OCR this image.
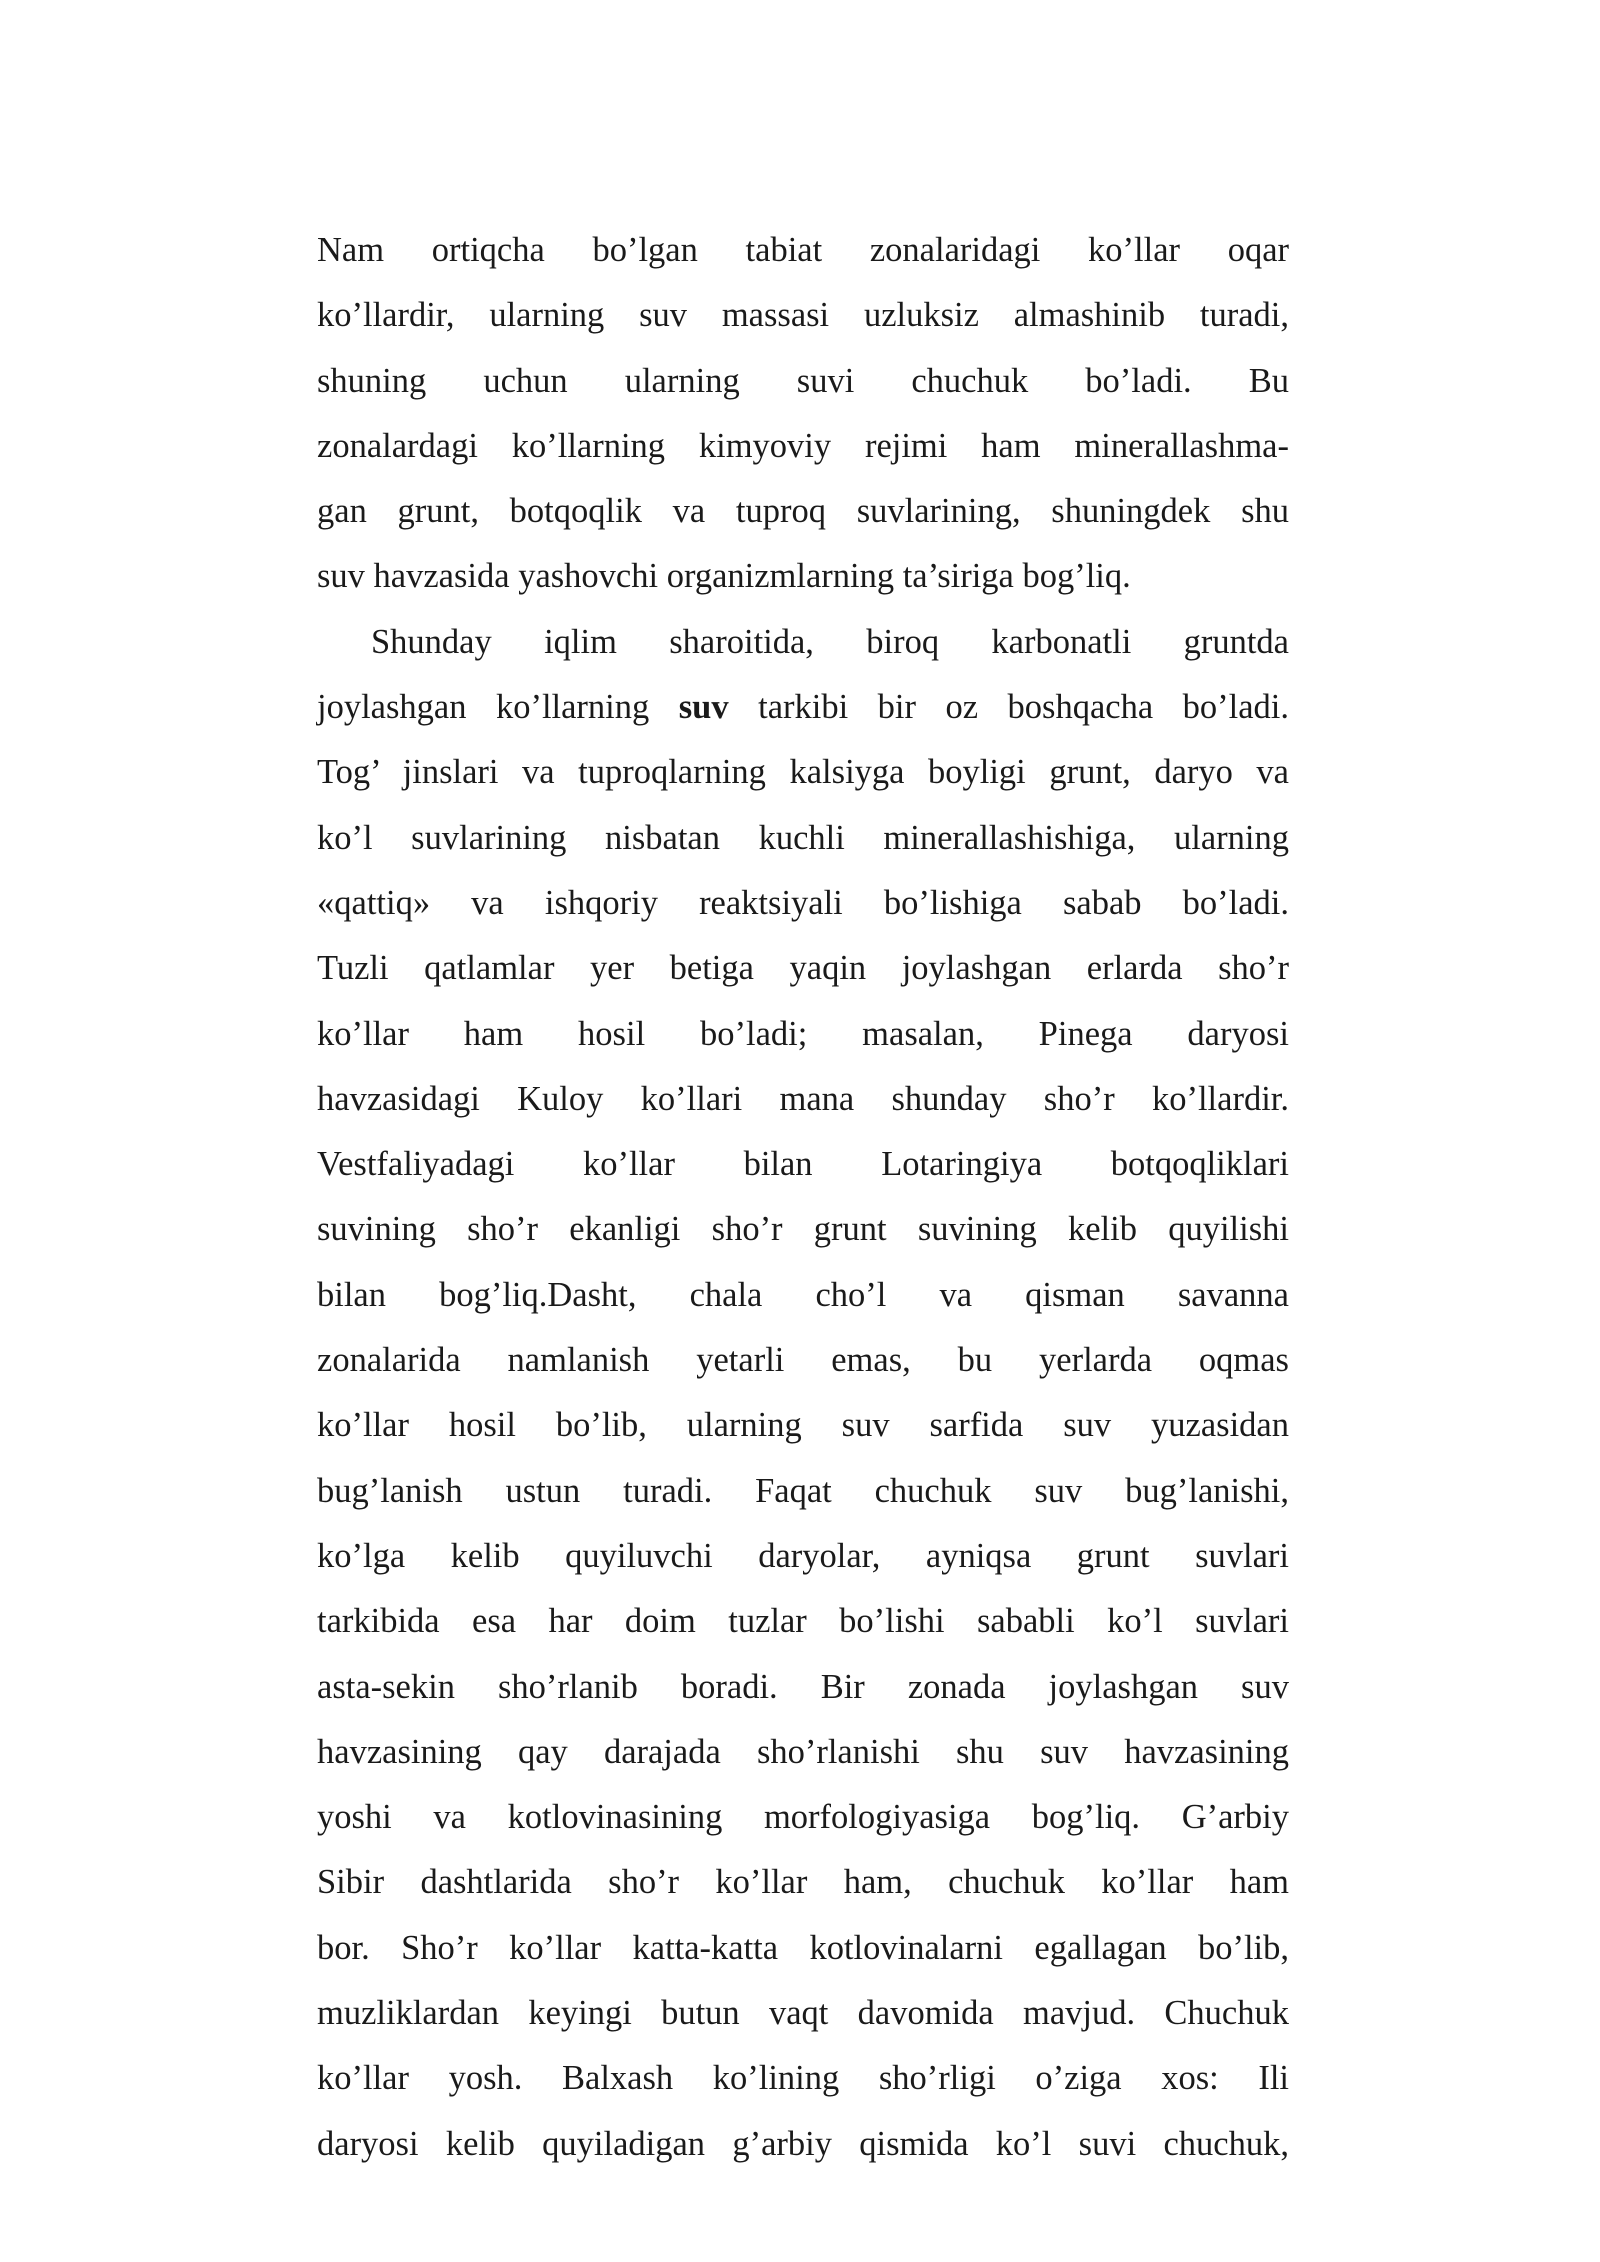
Nam ortiqcha bo’lgan tabiat zonalaridagi ko’llar oqar
ko’llardir, ularning suv massasi uzluksiz almashinib turadi,
shuning uchun ularning suvi chuchuk bo’ladi. Bu
zonalardagi ko’llarning kimyoviy rejimi ham minerallashma-
gan grunt, botqoqlik va tuproq suvlarining, shuningdek shu
suv havzasida yashovchi organizmlarning ta’siriga bog’liq.
Shunday iqlim sharoitida, biroq karbonatli gruntda
joylashgan ko’llarning suv tarkibi bir oz boshqacha bo’ladi.
Tog’ jinslari va tuproqlarning kalsiyga boyligi grunt, daryo va
ko’l suvlarining nisbatan kuchli minerallashishiga, ularning
«qattiq» va ishqoriy reaktsiyali bo’lishiga sabab bo’ladi.
Tuzli qatlamlar yer betiga yaqin joylashgan erlarda sho’r
ko’llar ham hosil bo’ladi; masalan, Pinega daryosi
havzasidagi Kuloy ko’llari mana shunday sho’r ko’llardir.
Vestfaliyadagi ko’llar bilan Lotaringiya botqoqliklari
suvining sho’r ekanligi sho’r grunt suvining kelib quyilishi
bilan bog’liq.Dasht, chala cho’l va qisman savanna
zonalarida namlanish yetarli emas, bu yerlarda oqmas
ko’llar hosil bo’lib, ularning suv sarfida suv yuzasidan
bug’lanish ustun turadi. Faqat chuchuk suv bug’lanishi,
ko’lga kelib quyiluvchi daryolar, ayniqsa grunt suvlari
tarkibida esa har doim tuzlar bo’lishi sababli ko’l suvlari
asta-sekin sho’rlanib boradi. Bir zonada joylashgan suv
havzasining qay darajada sho’rlanishi shu suv havzasining
yoshi va kotlovinasining morfologiyasiga bog’liq. G’arbiy
Sibir dashtlarida sho’r ko’llar ham, chuchuk ko’llar ham
bor. Sho’r ko’llar katta-katta kotlovinalarni egallagan bo’lib,
muzliklardan keyingi butun vaqt davomida mavjud. Chuchuk
ko’llar yosh. Balxash ko’lining sho’rligi o’ziga xos: Ili
daryosi kelib quyiladigan g’arbiy qismida ko’l suvi chuchuk,
